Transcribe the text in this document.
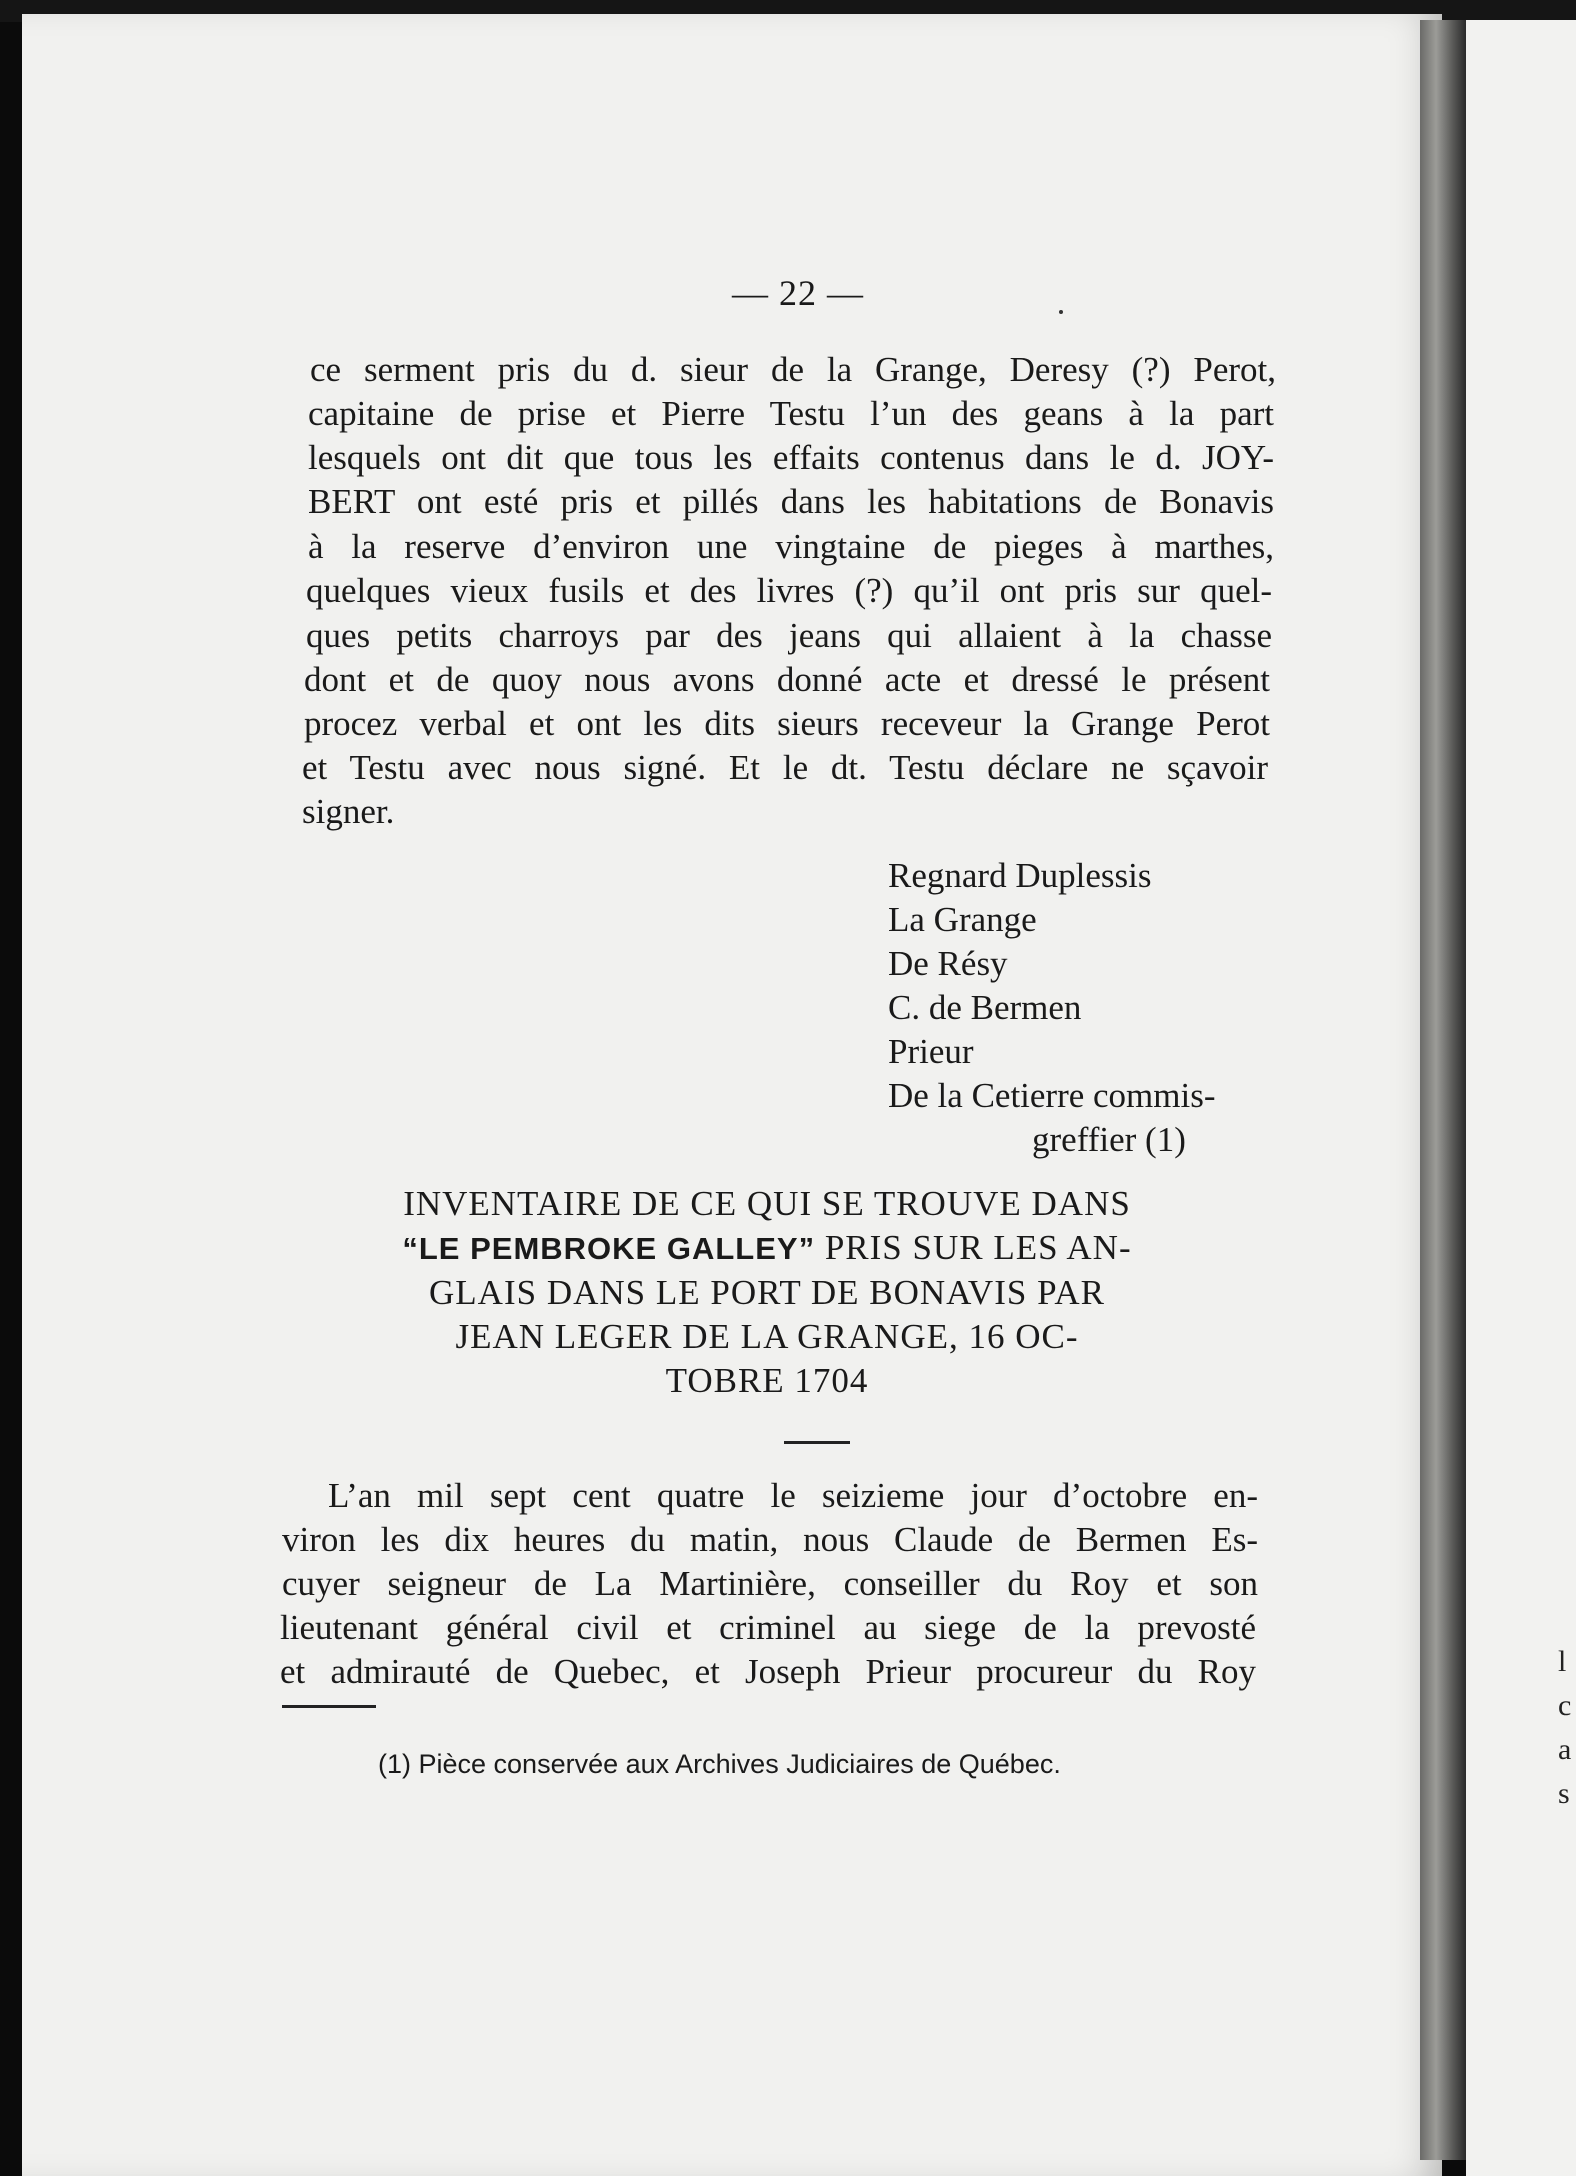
— 22 —
ce serment pris du d. sieur de la Grange, Deresy (?) Perot,
capitaine de prise et Pierre Testu l’un des geans à la part
lesquels ont dit que tous les effaits contenus dans le d. JOY-
BERT ont esté pris et pillés dans les habitations de Bonavis
à la reserve d’environ une vingtaine de pieges à marthes,
quelques vieux fusils et des livres (?) qu’il ont pris sur quel-
ques petits charroys par des jeans qui allaient à la chasse
dont et de quoy nous avons donné acte et dressé le présent
procez verbal et ont les dits sieurs receveur la Grange Perot
et Testu avec nous signé. Et le dt. Testu déclare ne sçavoir
signer.
Regnard Duplessis
La Grange
De Résy
C. de Bermen
Prieur
De la Cetierre commis-
greffier (1)
INVENTAIRE DE CE QUI SE TROUVE DANS
“LE PEMBROKE GALLEY” PRIS SUR LES AN-
GLAIS DANS LE PORT DE BONAVIS PAR
JEAN LEGER DE LA GRANGE, 16 OC-
TOBRE 1704
L’an mil sept cent quatre le seizieme jour d’octobre en-
viron les dix heures du matin, nous Claude de Bermen Es-
cuyer seigneur de La Martinière, conseiller du Roy et son
lieutenant général civil et criminel au siege de la prevosté
et admirauté de Quebec, et Joseph Prieur procureur du Roy
(1) Pièce conservée aux Archives Judiciaires de Québec.
l
c
a
s
